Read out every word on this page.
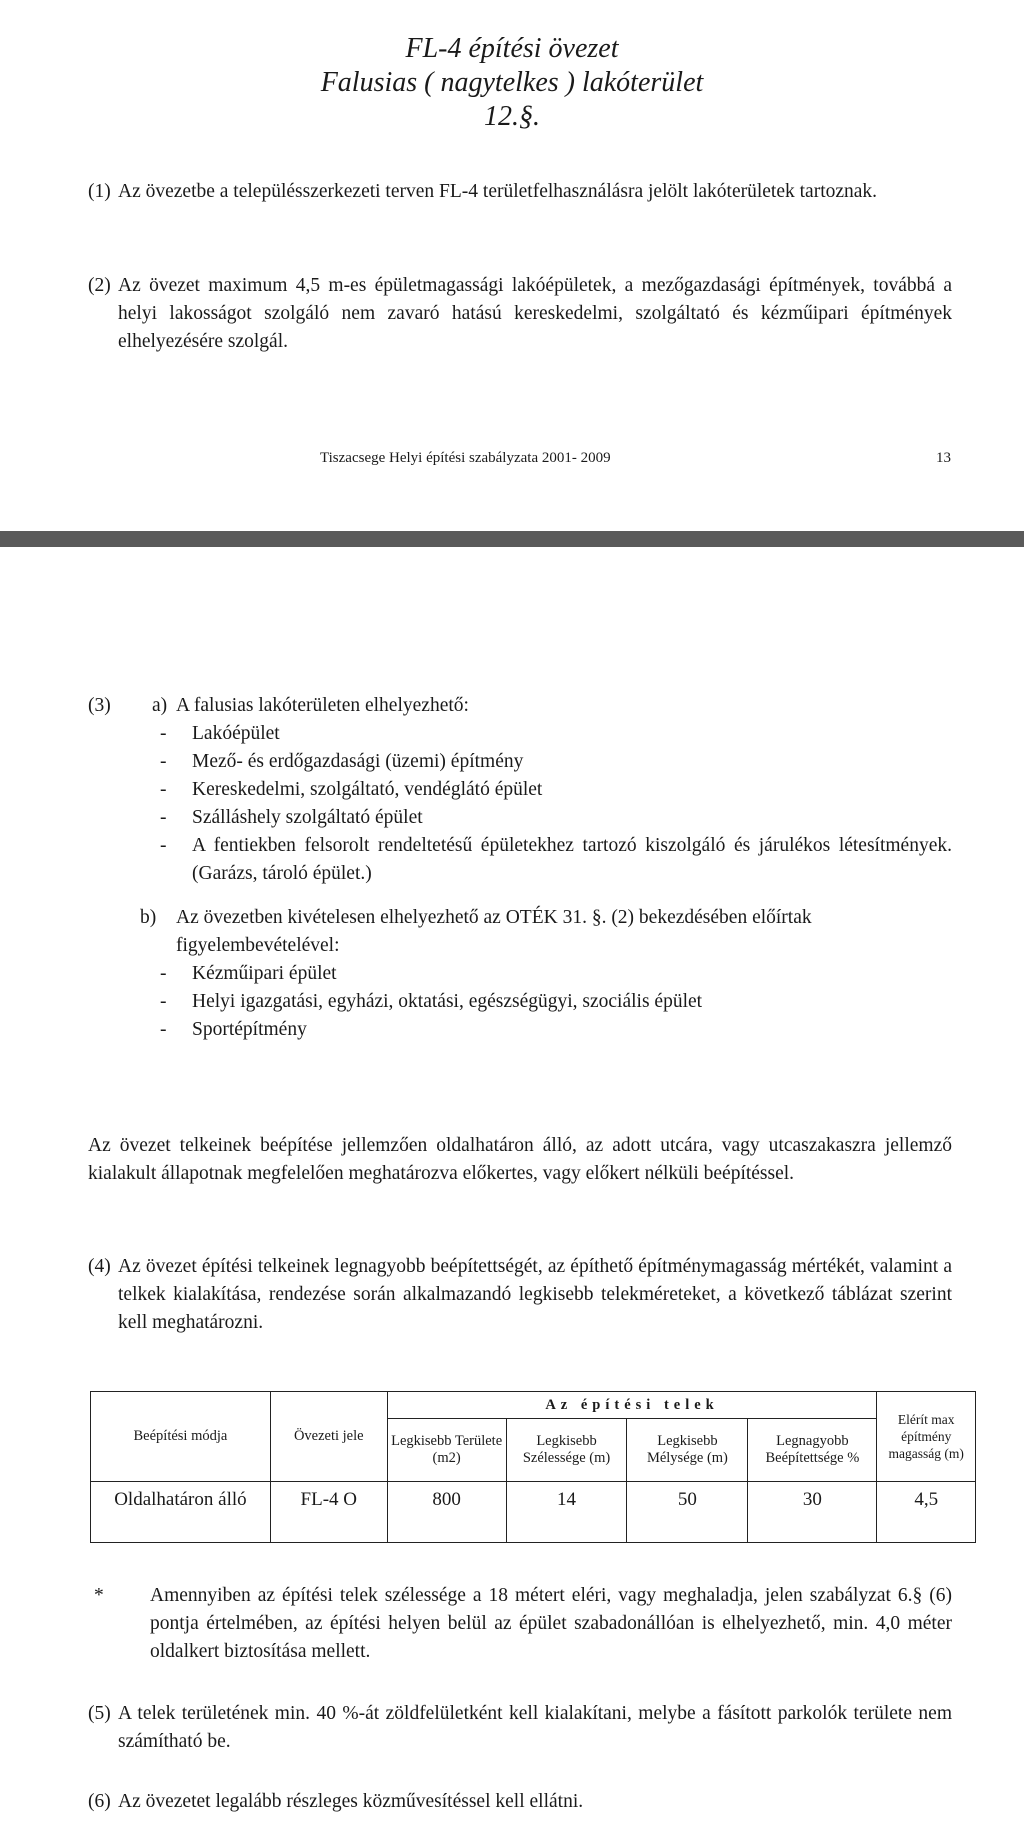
FL-4 építési övezet
Falusias ( nagytelkes ) lakóterület
12.§.
(1) Az övezetbe a településszerkezeti terven FL-4 területfelhasználásra jelölt lakóterületek tartoznak.
(2) Az övezet maximum 4,5 m-es épületmagassági lakóépületek, a mezőgazdasági építmények, továbbá a helyi lakosságot szolgáló nem zavaró hatású kereskedelmi, szolgáltató és kézműipari építmények elhelyezésére szolgál.
Tiszacsege Helyi építési szabályzata 2001- 2009	13
(3) a) A falusias lakóterületen elhelyezhető:
- Lakóépület
- Mező- és erdőgazdasági (üzemi) építmény
- Kereskedelmi, szolgáltató, vendéglátó épület
- Szálláshely szolgáltató épület
- A fentiekben felsorolt rendeltetésű épületekhez tartozó kiszolgáló és járulékos létesítmények. (Garázs, tároló épület.)
b)	Az övezetben kivételesen elhelyezhető az OTÉK 31. §. (2) bekezdésében előírtak
figyelembevételével:
- Kézműipari épület
- Helyi igazgatási, egyházi, oktatási, egészségügyi, szociális épület
- Sportépítmény
Az övezet telkeinek beépítése jellemzően oldalhatáron álló, az adott utcára, vagy utcaszakaszra jellemző kialakult állapotnak megfelelően meghatározva előkertes, vagy előkert nélküli beépítéssel.
(4) Az övezet építési telkeinek legnagyobb beépítettségét, az építhető építménymagasság mértékét, valamint a telkek kialakítása, rendezése során alkalmazandó legkisebb telekméreteket, a következő táblázat szerint kell meghatározni.
Beépítési módja	Övezeti jele	Az építési telek				Elérít max építmény magasság (m)
		Legkisebb Területe (m2)	Legkisebb Szélessége (m)	Legkisebb Mélysége (m)	Legnagyobb Beépítettsége %	
Oldalhatáron álló	FL-4 O	800	14	50	30	4,5
* Amennyiben az építési telek szélessége a 18 métert eléri, vagy meghaladja, jelen szabályzat 6.§ (6) pontja értelmében, az építési helyen belül az épület szabadonállóan is elhelyezhető, min. 4,0 méter oldalkert biztosítása mellett.
(5) A telek területének min. 40 %-át zöldfelületként kell kialakítani, melybe a fásított parkolók területe nem számítható be.
(6) Az övezetet legalább részleges közművesítéssel kell ellátni.
